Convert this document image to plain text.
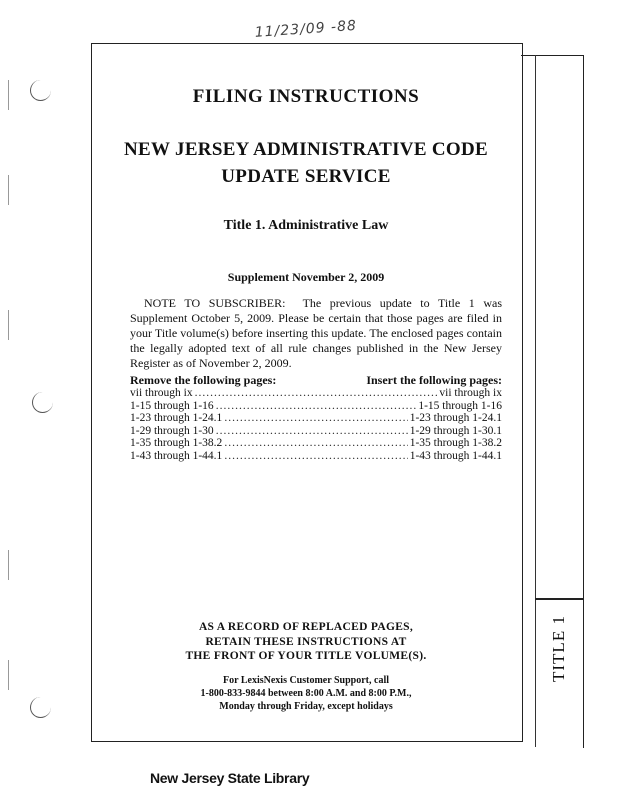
11/23/09 -88
TITLE 1
FILING INSTRUCTIONS
NEW JERSEY ADMINISTRATIVE CODE
UPDATE SERVICE
Title 1. Administrative Law
Supplement November 2, 2009
NOTE TO SUBSCRIBER: The previous update to Title 1 was Supplement October 5, 2009. Please be certain that those pages are filed in your Title volume(s) before inserting this update. The enclosed pages contain the legally adopted text of all rule changes published in the New Jersey Register as of November 2, 2009.
Remove the following pages:	Insert the following pages:
vii through ix .....	vii through ix
1-15 through 1-16 .....	1-15 through 1-16
1-23 through 1-24.1 .....	1-23 through 1-24.1
1-29 through 1-30 .....	1-29 through 1-30.1
1-35 through 1-38.2 .....	1-35 through 1-38.2
1-43 through 1-44.1 .....	1-43 through 1-44.1
AS A RECORD OF REPLACED PAGES,
RETAIN THESE INSTRUCTIONS AT
THE FRONT OF YOUR TITLE VOLUME(S).
For LexisNexis Customer Support, call
1-800-833-9844 between 8:00 A.M. and 8:00 P.M.,
Monday through Friday, except holidays
New Jersey State Library
